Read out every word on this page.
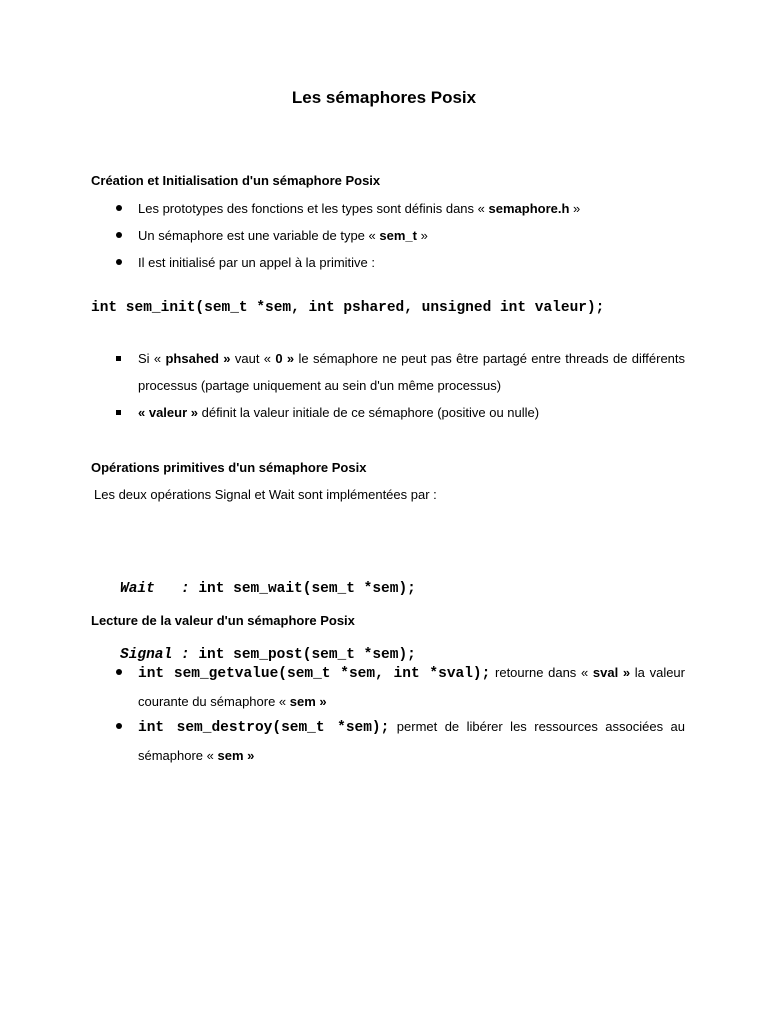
Les sémaphores Posix
Création et Initialisation d'un sémaphore Posix
Les prototypes des fonctions et les types sont définis dans « semaphore.h »
Un sémaphore est une variable de type « sem_t »
Il est initialisé par un appel à la primitive :
int sem_init(sem_t *sem, int pshared, unsigned int valeur);
Si « phsahed » vaut « 0 » le sémaphore ne peut pas être partagé entre threads de différents processus (partage uniquement au sein d'un même processus)
« valeur » définit la valeur initiale de ce sémaphore (positive ou nulle)
Opérations primitives d'un sémaphore Posix
Les deux opérations Signal et Wait sont implémentées par :

Wait   : int sem_wait(sem_t *sem);

Signal : int sem_post(sem_t *sem);

Lecture de la valeur d'un sémaphore Posix
int sem_getvalue(sem_t *sem, int *sval); retourne dans « sval » la valeur courante du sémaphore « sem »
int sem_destroy(sem_t *sem); permet de libérer les ressources associées au sémaphore « sem »
